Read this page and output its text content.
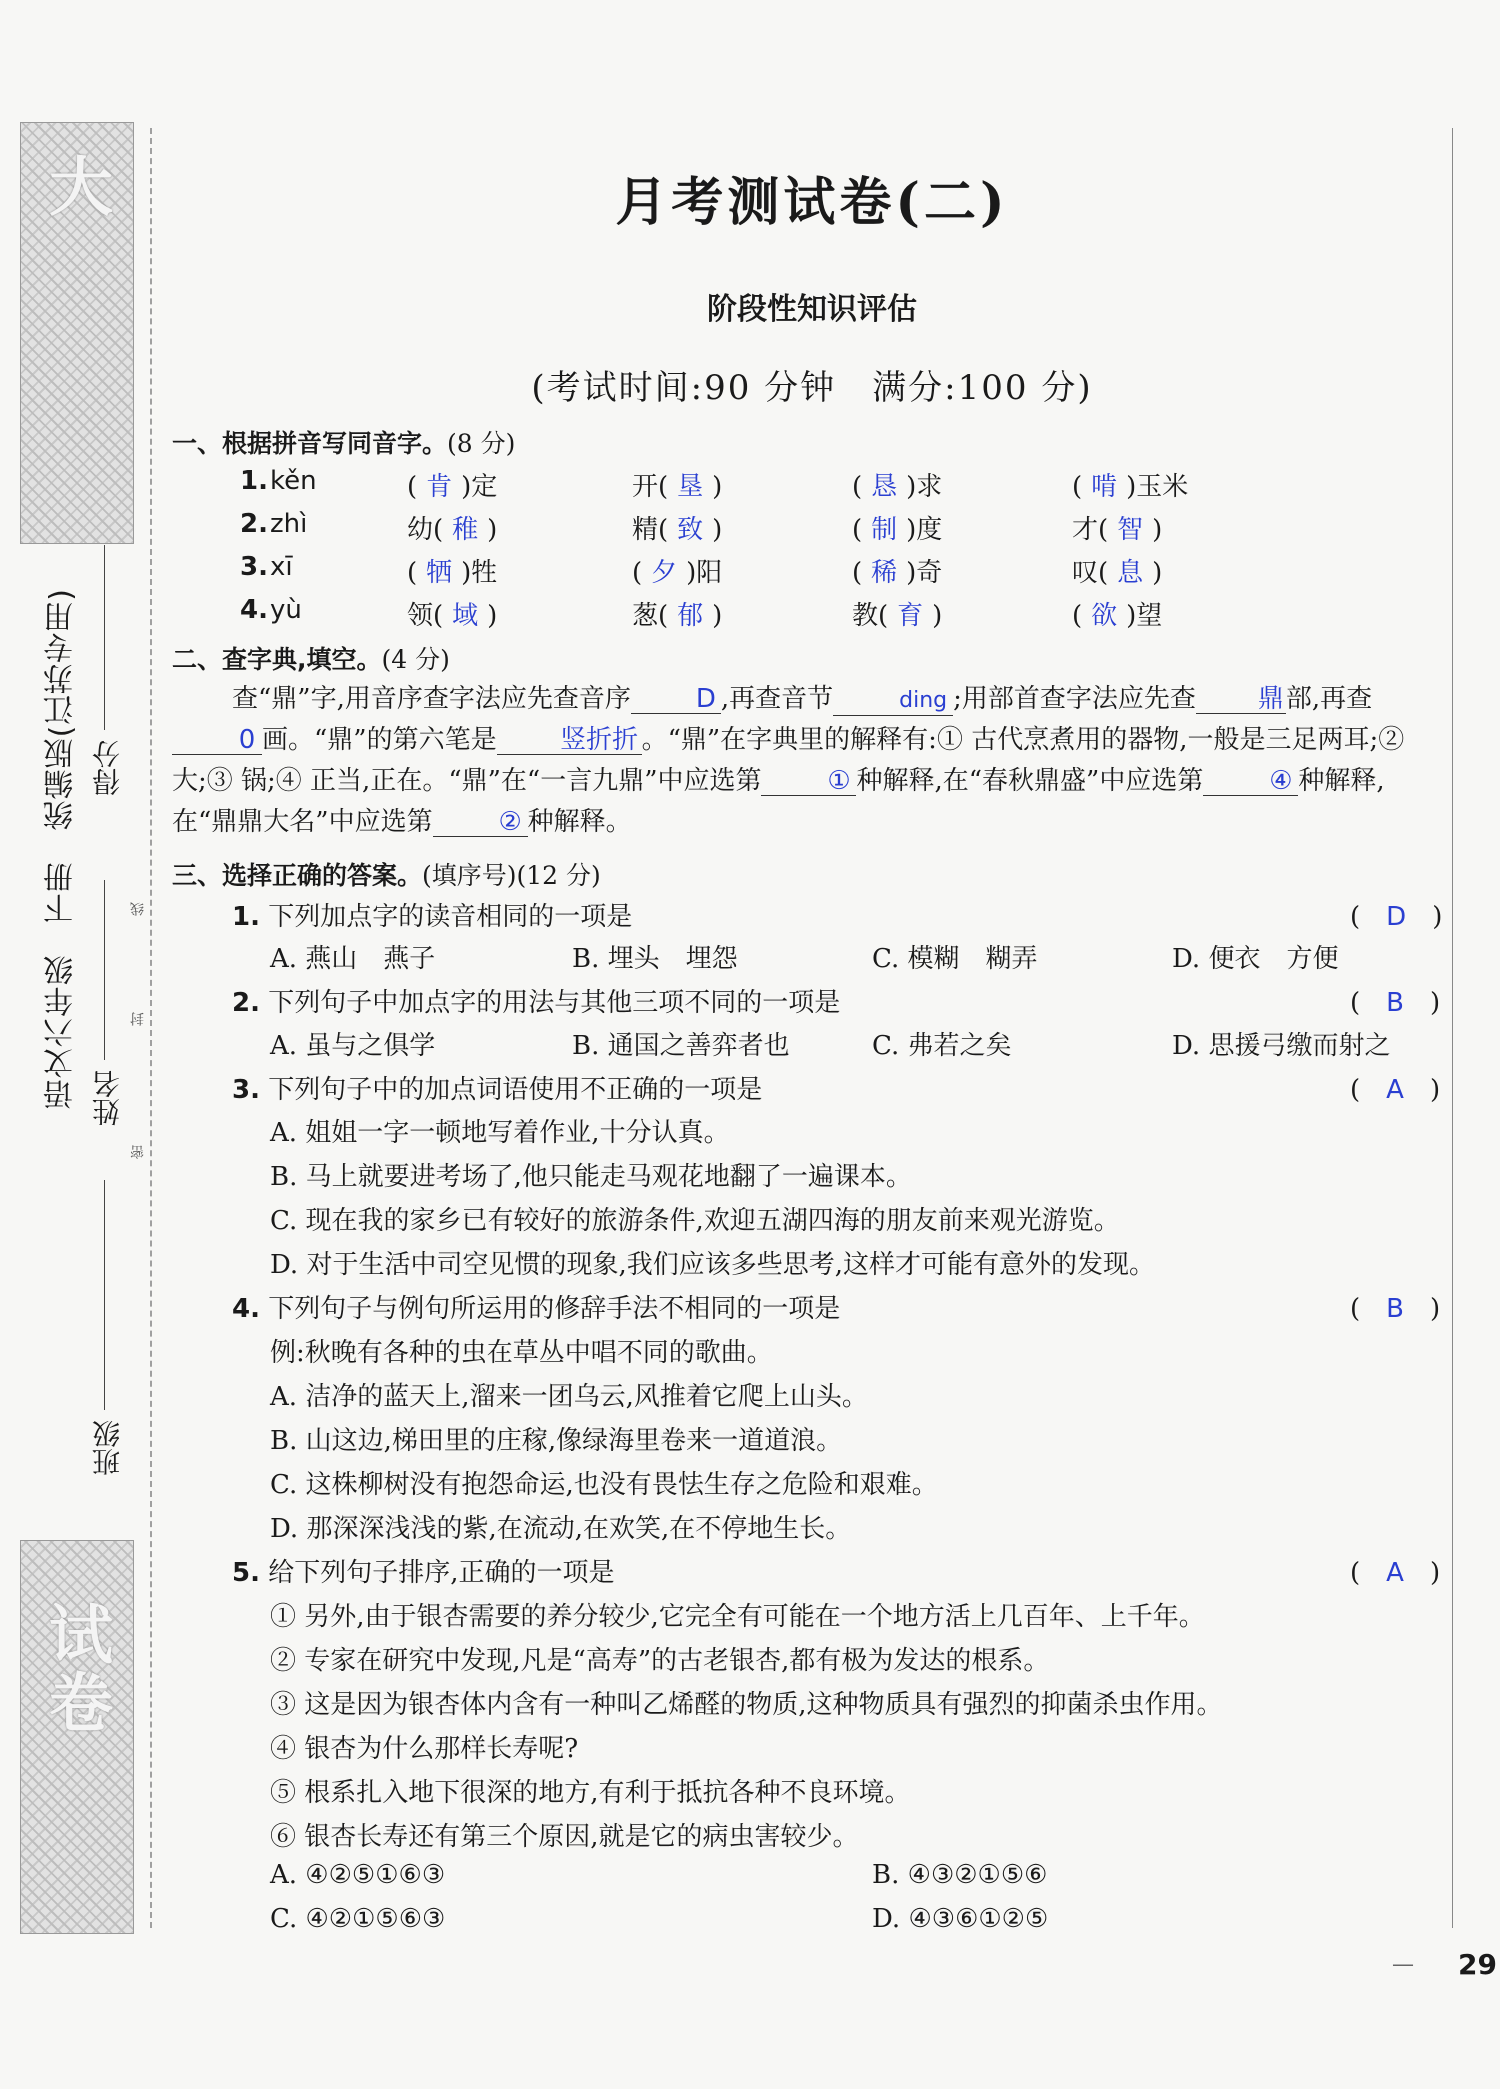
大
试卷
语文六年级　下册　统编版(江苏专用)
班级
姓名
得分
密
封
线
月考测试卷(二)
阶段性知识评估
(考试时间:90 分钟　满分:100 分)
一、根据拼音写同音字。(8 分)
1. kěn	( 肯 )定	开( 垦 )	( 恳 )求	( 啃 )玉米
2. zhì	幼( 稚 )	精( 致 )	( 制 )度	才( 智 )
3. xī	( 牺 )牲	( 夕 )阳	( 稀 )奇	叹( 息 )
4. yù	领( 域 )	葱( 郁 )	教( 育 )	( 欲 )望
二、查字典,填空。(4 分)
查“鼎”字,用音序查字法应先查音序 D ,再查音节	ding ;用部首查字法应先查 鼎部,再查0 画。“鼎”的第六笔是 竖折折 。“鼎”在字典里的解释有:① 古代烹煮用的器物,一般是三足两耳;② 大;③ 锅;④ 正当,正在。“鼎”在“一言九鼎”中应选第	① 种解释,在“春秋鼎盛”中应选第	④ 种解释,在“鼎鼎大名”中应选第	② 种解释。
三、选择正确的答案。(填序号)(12 分)
1. 下列加点字的读音相同的一项是	(　D　)
A. 燕山　燕子	B. 埋头　埋怨	C. 模糊　糊弄	D. 便衣　方便
2. 下列句子中加点字的用法与其他三项不同的一项是	(　B　)
A. 虽与之俱学	B. 通国之善弈者也	C. 弗若之矣	D. 思援弓缴而射之
3. 下列句子中的加点词语使用不正确的一项是	(　A　)
A. 姐姐一字一顿地写着作业,十分认真。
B. 马上就要进考场了,他只能走马观花地翻了一遍课本。
C. 现在我的家乡已有较好的旅游条件,欢迎五湖四海的朋友前来观光游览。
D. 对于生活中司空见惯的现象,我们应该多些思考,这样才可能有意外的发现。
4. 下列句子与例句所运用的修辞手法不相同的一项是	(　B　)
例:秋晚有各种的虫在草丛中唱不同的歌曲。
A. 洁净的蓝天上,溜来一团乌云,风推着它爬上山头。
B. 山这边,梯田里的庄稼,像绿海里卷来一道道浪。
C. 这株柳树没有抱怨命运,也没有畏怯生存之危险和艰难。
D. 那深深浅浅的紫,在流动,在欢笑,在不停地生长。
5. 给下列句子排序,正确的一项是	(　A　)
① 另外,由于银杏需要的养分较少,它完全有可能在一个地方活上几百年、上千年。
② 专家在研究中发现,凡是“高寿”的古老银杏,都有极为发达的根系。
③ 这是因为银杏体内含有一种叫乙烯醛的物质,这种物质具有强烈的抑菌杀虫作用。
④ 银杏为什么那样长寿呢?
⑤ 根系扎入地下很深的地方,有利于抵抗各种不良环境。
⑥ 银杏长寿还有第三个原因,就是它的病虫害较少。
A. ④②⑤①⑥③	B. ④③②①⑤⑥
C. ④②①⑤⑥③	D. ④③⑥①②⑤
— 29
